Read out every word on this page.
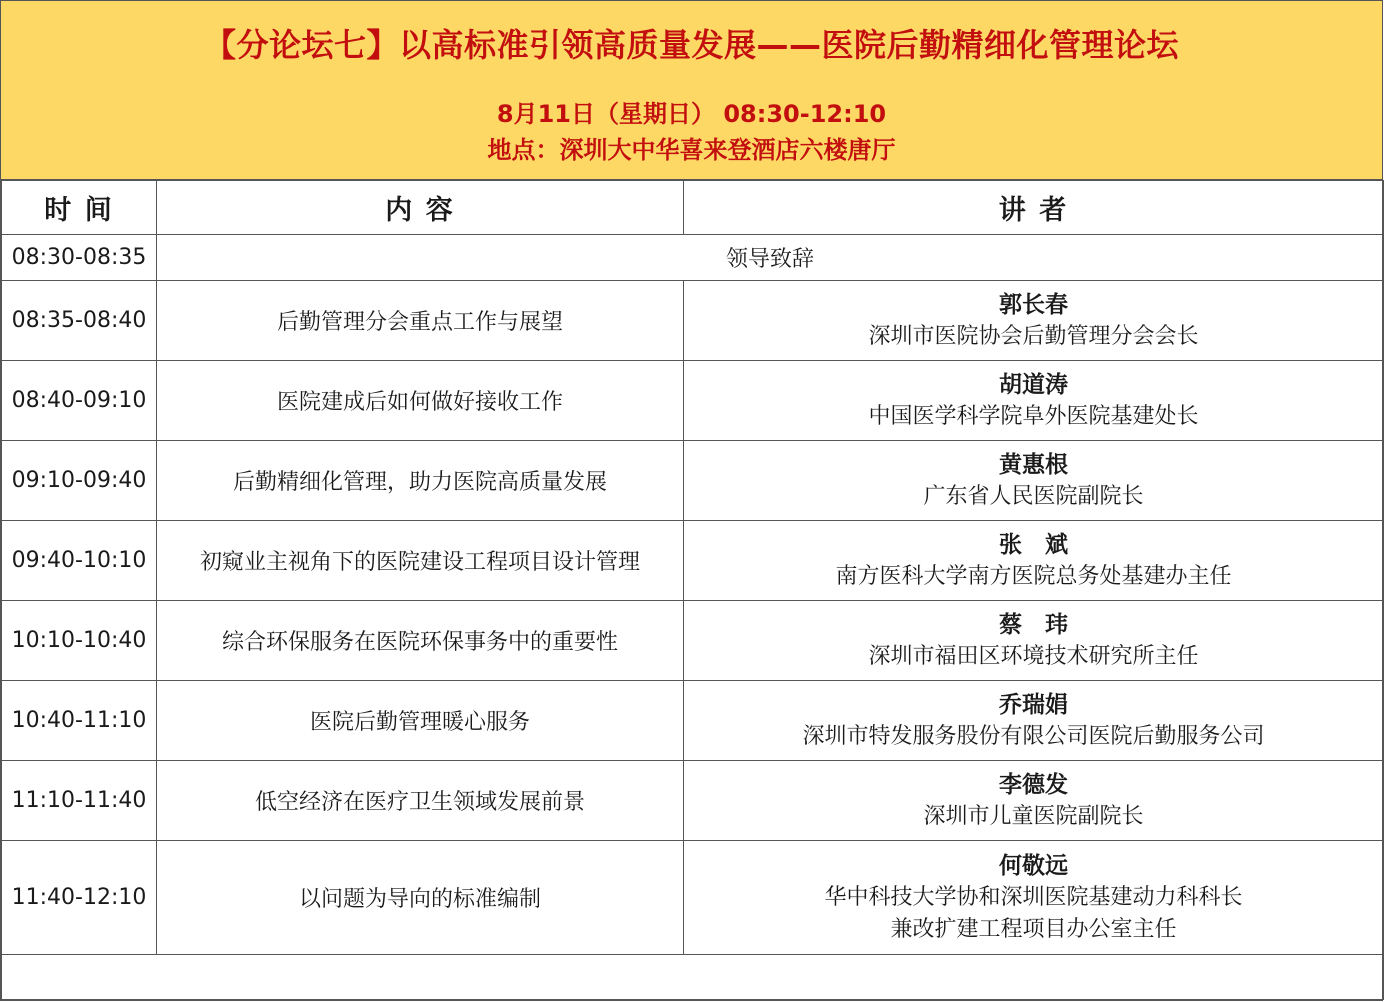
【分论坛七】以高标准引领高质量发展——医院后勤精细化管理论坛
8月11日（星期日） 08:30-12:10
地点：深圳大中华喜来登酒店六楼唐厅
时 间	内 容	讲 者
08:30-08:35	领导致辞	
08:35-08:40	后勤管理分会重点工作与展望	郭长春
深圳市医院协会后勤管理分会会长

08:40-09:10	医院建成后如何做好接收工作	胡道涛
中国医学科学院阜外医院基建处长

09:10-09:40	后勤精细化管理，助力医院高质量发展	黄惠根
广东省人民医院副院长

09:40-10:10	初窥业主视角下的医院建设工程项目设计管理	张　斌
南方医科大学南方医院总务处基建办主任

10:10-10:40	综合环保服务在医院环保事务中的重要性	蔡　玮
深圳市福田区环境技术研究所主任

10:40-11:10	医院后勤管理暖心服务	乔瑞娟
深圳市特发服务股份有限公司医院后勤服务公司

11:10-11:40	低空经济在医疗卫生领域发展前景	李德发
深圳市儿童医院副院长

11:40-12:10	以问题为导向的标准编制	何敬远
华中科技大学协和深圳医院基建动力科科长
兼改扩建工程项目办公室主任
